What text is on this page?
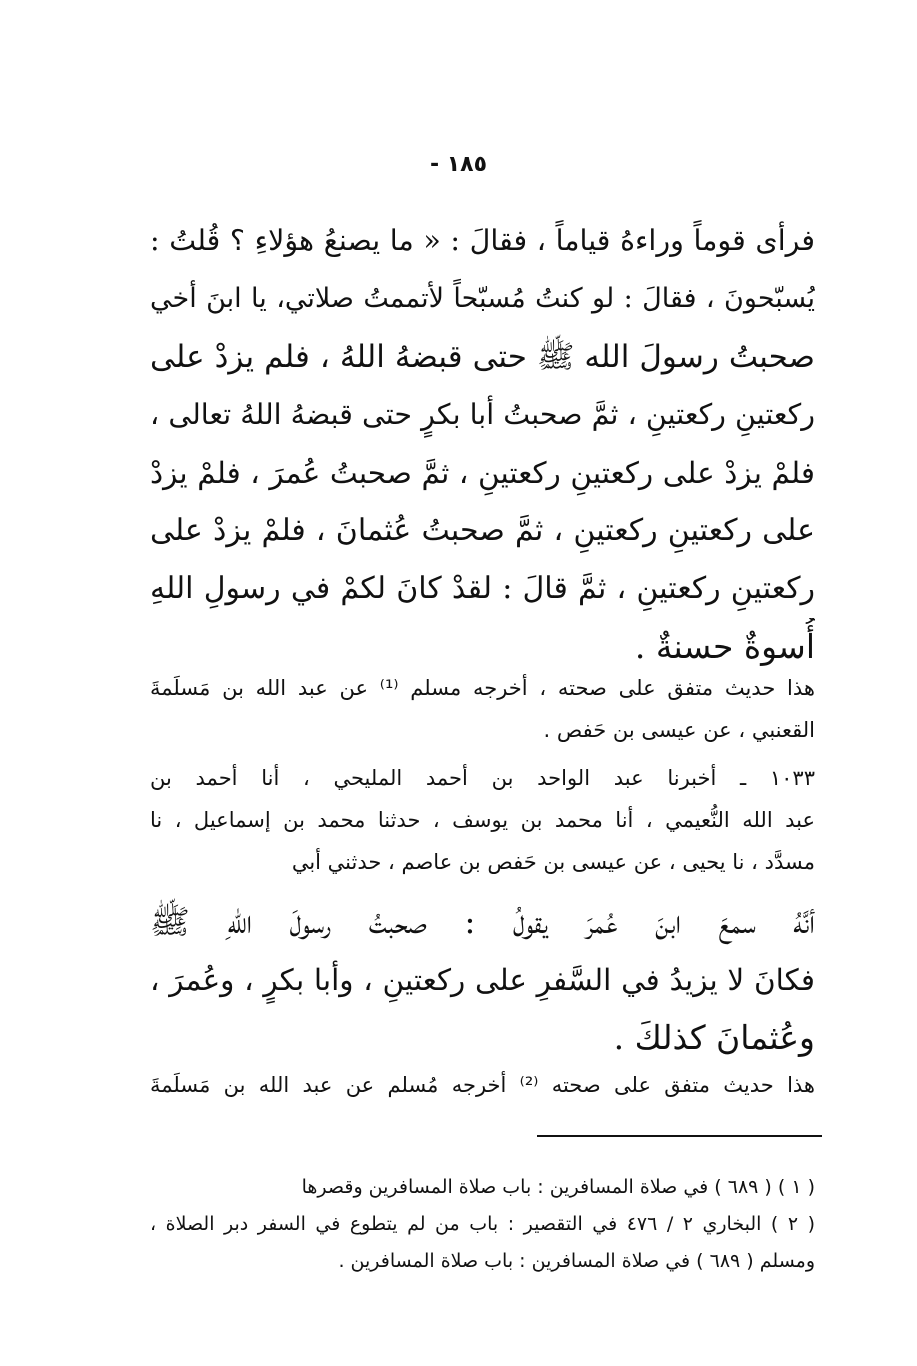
١٨٥ -
فرأى قوماً وراءهُ قياماً ، فقالَ : « ما يصنعُ هؤلاءِ ؟ قُلتُ :
يُسبّحونَ ، فقالَ : لو كنتُ مُسبّحاً لأتممتُ صلاتي، يا ابنَ أخي
صحبتُ رسولَ الله ﷺ حتى قبضهُ اللهُ ، فلم يزدْ على
ركعتينِ ركعتينِ ، ثمَّ صحبتُ أبا بكرٍ حتى قبضهُ اللهُ تعالى ،
فلمْ يزدْ على ركعتينِ ركعتينِ ، ثمَّ صحبتُ عُمرَ ، فلمْ يزدْ
على ركعتينِ ركعتينِ ، ثمَّ صحبتُ عُثمانَ ، فلمْ يزدْ على
ركعتينِ ركعتينِ ، ثمَّ قالَ : لقدْ كانَ لكمْ في رسولِ اللهِ
أُسوةٌ حسنةٌ .
هذا حديث متفق على صحته ، أخرجه مسلم ⁽¹⁾ عن عبد الله بن مَسلَمةَ
القعنبي ، عن عيسى بن حَفص .
١٠٣٣ ـ أخبرنا عبد الواحد بن أحمد المليحي ، أنا أحمد بن
عبد الله النُّعيمي ، أنا محمد بن يوسف ، حدثنا محمد بن إسماعيل ، نا
مسدَّد ، نا يحيى ، عن عيسى بن حَفص بن عاصم ، حدثني أبي
أنَّهُ سمعَ ابنَ عُمرَ يقولُ : صحبتُ رسولَ اللهِ ﷺ
فكانَ لا يزيدُ في السَّفرِ على ركعتينِ ، وأبا بكرٍ ، وعُمرَ ،
وعُثمانَ كذلكَ .
هذا حديث متفق على صحته ⁽²⁾ أخرجه مُسلم عن عبد الله بن مَسلَمةَ
( ١ ) ( ٦٨٩ ) في صلاة المسافرين : باب صلاة المسافرين وقصرها
( ٢ ) البخاري ٢ / ٤٧٦ في التقصير : باب من لم يتطوع في السفر دبر الصلاة ،
ومسلم ( ٦٨٩ ) في صلاة المسافرين : باب صلاة المسافرين .
